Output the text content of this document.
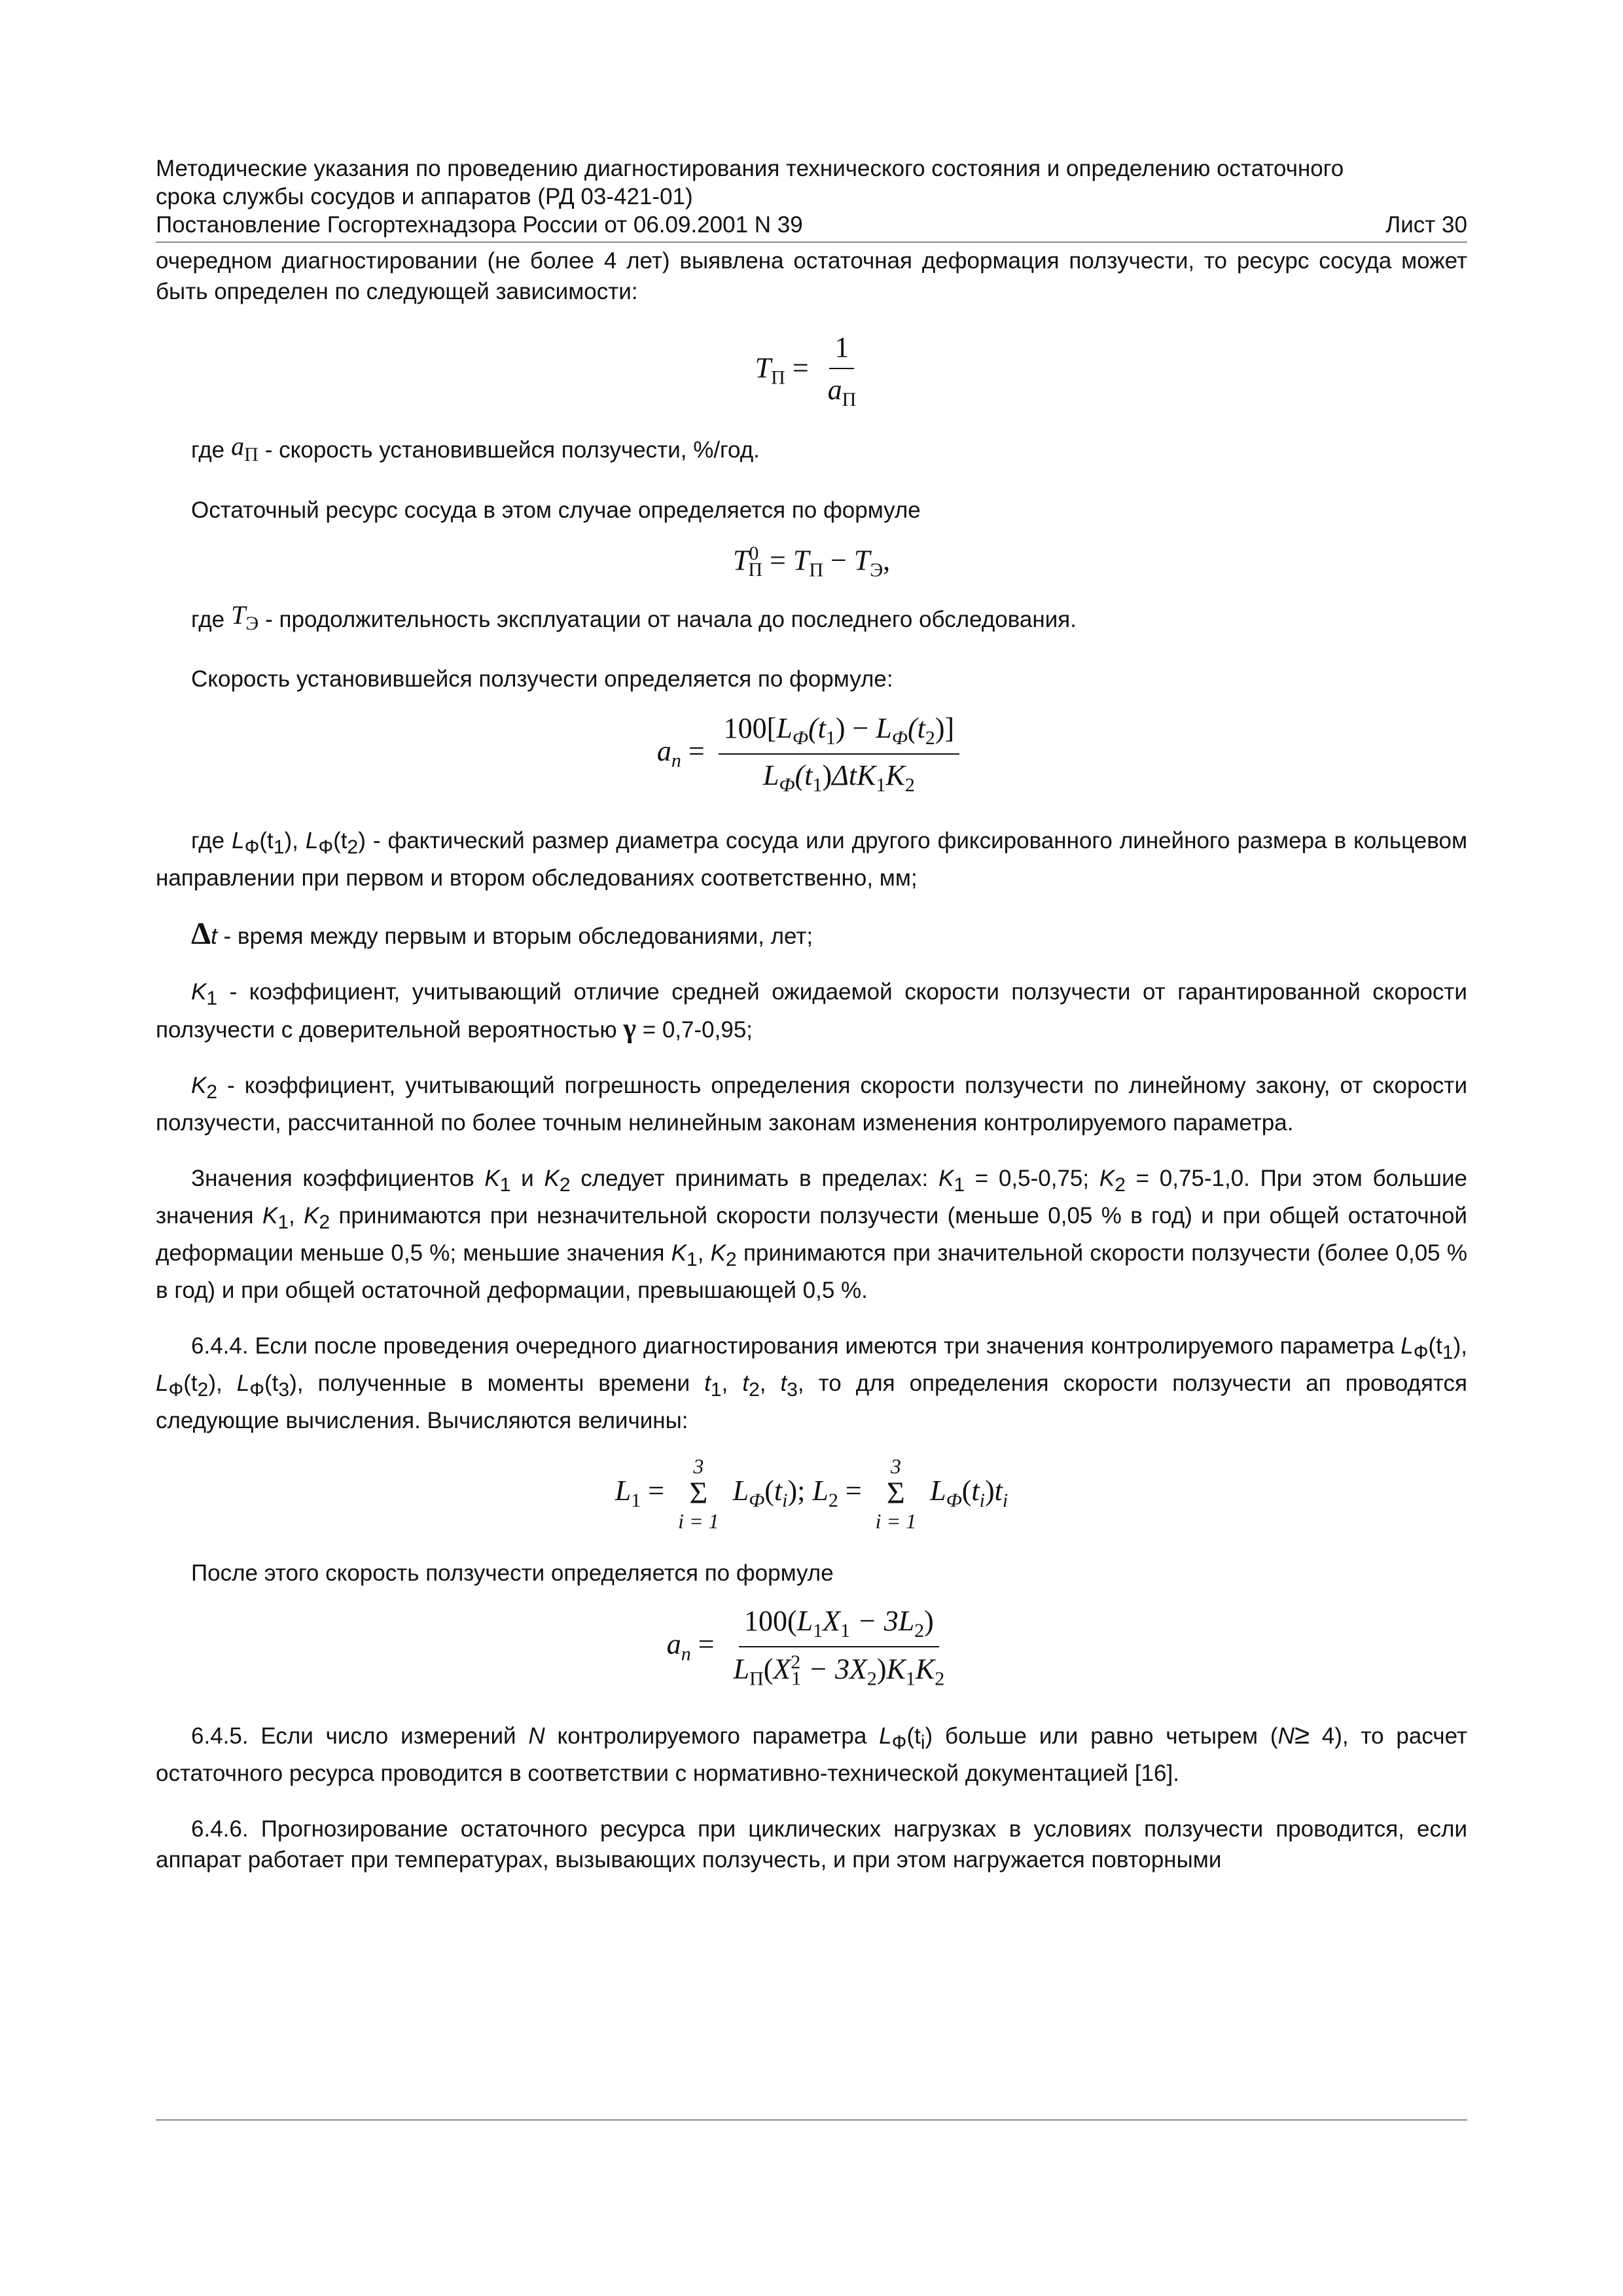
Методические указания по проведению диагностирования технического состояния и определению остаточного
срока службы сосудов и аппаратов (РД 03-421-01)
Постановление Госгортехнадзора России от 06.09.2001 N 39	Лист 30

очередном диагностировании (не более 4 лет) выявлена остаточная деформация ползучести, то ресурс сосуда может быть определен по следующей зависимости:

$T_П = \frac{1}{a_П}$
где $a_П$ - скорость установившейся ползучести, %/год.

Остаточный ресурс сосуда в этом случае определяется по формуле

$T^0_П = T_П - T_Э$,
где $T_Э$ - продолжительность эксплуатации от начала до последнего обследования.

Скорость установившейся ползучести определяется по формуле:

$a_n = \frac{100[L_Ф(t_1) - L_Ф(t_2)]}{L_Ф(t_1)\Delta tK_1K_2}$

где $L_Ф(t_1)$, $L_Ф(t_2)$ - фактический размер диаметра сосуда или другого фиксированного линейного размера в кольцевом направлении при первом и втором обследованиях соответственно, мм;

Δt - время между первым и вторым обследованиями, лет;

$K_1$ - коэффициент, учитывающий отличие средней ожидаемой скорости ползучести от гарантированной скорости ползучести с доверительной вероятностью γ = 0,7-0,95;

$K_2$ - коэффициент, учитывающий погрешность определения скорости ползучести по линейному закону, от скорости ползучести, рассчитанной по более точным нелинейным законам изменения контролируемого параметра.

Значения коэффициентов $K_1$ и $K_2$ следует принимать в пределах: $K_1 = 0,5-0,75$; $K_2 = 0,75-1,0$. При этом большие значения $K_1$, $K_2$ принимаются при незначительной скорости ползучести (меньше 0,05 % в год) и при общей остаточной деформации меньше 0,5 %; меньшие значения $K_1$, $K_2$ принимаются при значительной скорости ползучести (более 0,05 % в год) и при общей остаточной деформации, превышающей 0,5 %.

6.4.4. Если после проведения очередного диагностирования имеются три значения контролируемого параметра $L_Ф(t_1)$, $L_Ф(t_2)$, $L_Ф(t_3)$, полученные в моменты времени $t_1$, $t_2$, $t_3$, то для определения скорости ползучести ап проводятся следующие вычисления. Вычисляются величины:

$L_1$ =
3
Σ
i = 1
$L_Ф(t_i)$; $L_2$ =
3
Σ
i = 1
$L_Ф(t_i)t_i$

После этого скорость ползучести определяется по формуле

$a_n = \frac{100(L_1X_1 - 3L_2)}{L_П(X^2_1 - 3X_2)K_1K_2}$

6.4.5. Если число измерений N контролируемого параметра $L_Ф(t_i)$ больше или равно четырем (N≥ 4), то расчет остаточного ресурса проводится в соответствии с нормативно-технической документацией [16].

6.4.6. Прогнозирование остаточного ресурса при циклических нагрузках в условиях ползучести проводится, если аппарат работает при температурах, вызывающих ползучесть, и при этом нагружается повторными
